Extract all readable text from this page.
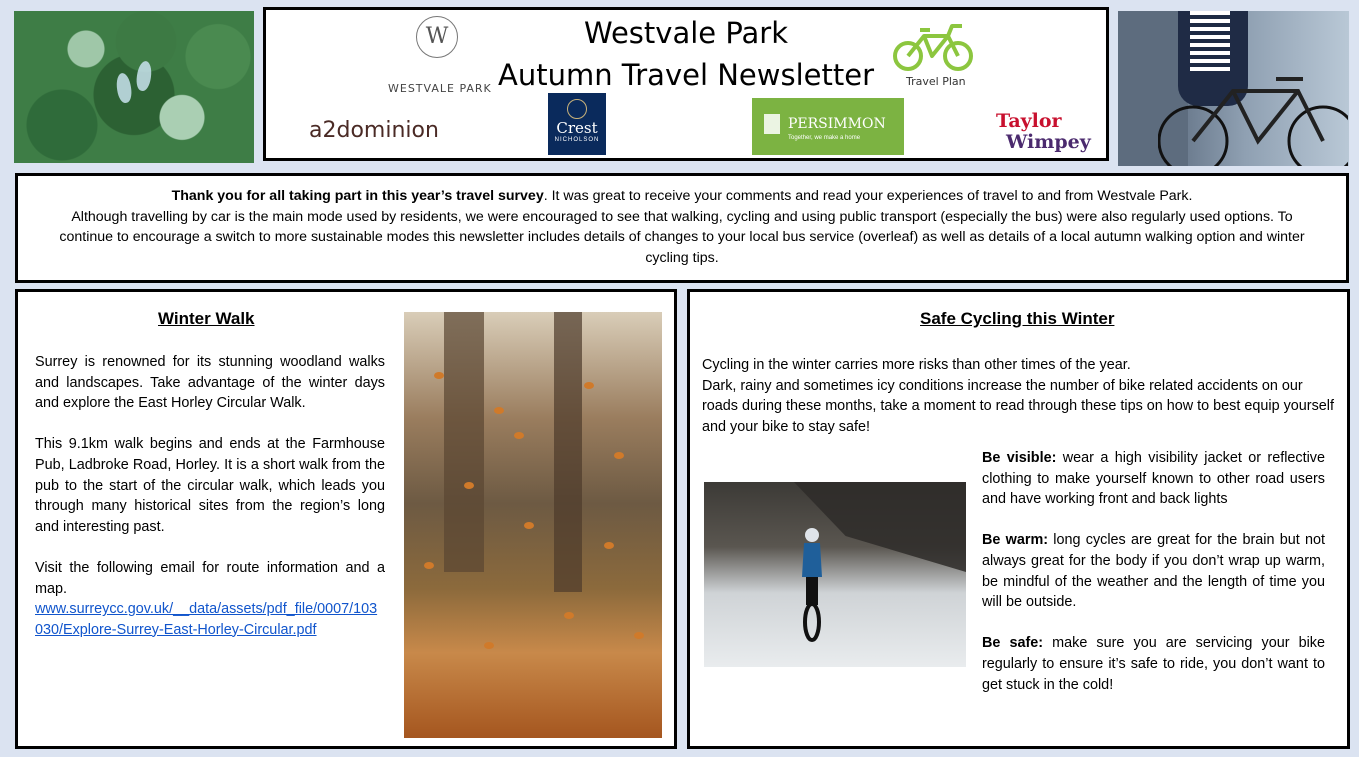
Westvale Park
Autumn Travel Newsletter
W
WESTVALE PARK
Travel Plan
a2dominion	Crest
NICHOLSON
PERSIMMON
Together, we make a home
Taylor
Wimpey
Thank you for all taking part in this year’s travel survey. It was great to receive your comments and read your experiences of travel to and from Westvale Park.
Although travelling by car is the main mode used by residents, we were encouraged to see that walking, cycling and using public transport (especially the bus) were also regularly used options. To continue to encourage a switch to more sustainable modes this newsletter includes details of changes to your local bus service (overleaf) as well as details of a local autumn walking option and winter cycling tips.
Winter Walk

Surrey is renowned for its stunning woodland walks and landscapes. Take advantage of the winter days and explore the East Horley Circular Walk.

This 9.1km walk begins and ends at the Farmhouse Pub, Ladbroke Road, Horley. It is a short walk from the pub to the start of the circular walk, which leads you through many historical sites from the region’s long and interesting past.

Visit the following email for route information and a map.

www.surreycc.gov.uk/__data/assets/pdf_file/0007/103030/Explore-Surrey-East-Horley-Circular.pdf
Safe Cycling this Winter
Cycling in the winter carries more risks than other times of the year.
Dark, rainy and sometimes icy conditions increase the number of bike related accidents on our roads during these months, take a moment to read through these tips on how to best equip yourself and your bike to stay safe!

Be visible: wear a high visibility jacket or reflective clothing to make yourself known to other road users and have working front and back lights

Be warm: long cycles are great for the brain but not always great for the body if you don’t wrap up warm, be mindful of the weather and the length of time you will be outside.

Be safe: make sure you are servicing your bike regularly to ensure it’s safe to ride, you don’t want to get stuck in the cold!
